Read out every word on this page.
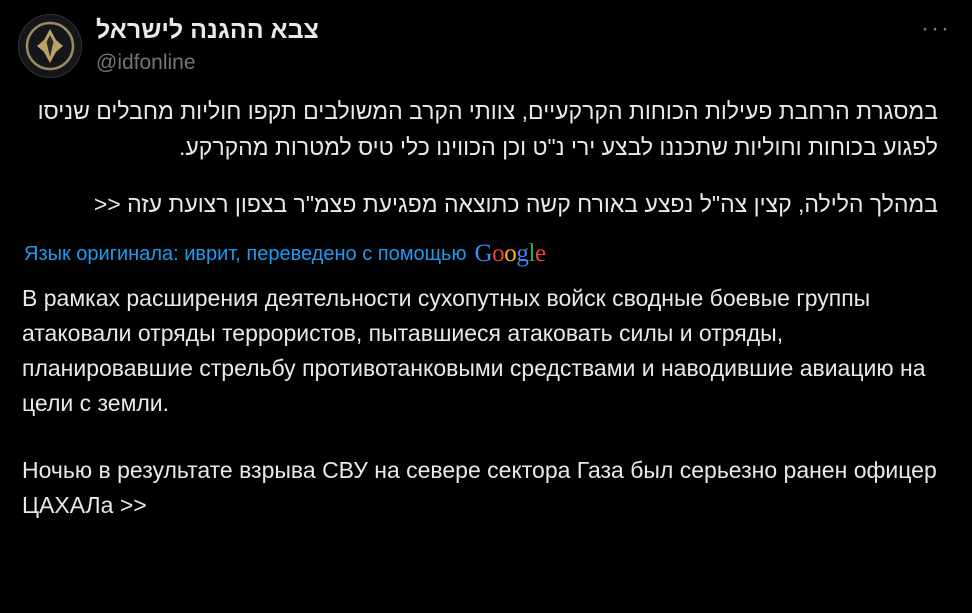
צבא ההגנה לישראל
@idfonline
···
במסגרת הרחבת פעילות הכוחות הקרקעיים, צוותי הקרב המשולבים תקפו חוליות מחבלים שניסו לפגוע בכוחות וחוליות שתכננו לבצע ירי נ"ט וכן הכווינו כלי טיס למטרות מהקרקע.
במהלך הלילה, קצין צה"ל נפצע באורח קשה כתוצאה מפגיעת פצמ"ר בצפון רצועת עזה <<
Язык оригинала: иврит, переведено с помощью G o o g l e
В рамках расширения деятельности сухопутных войск сводные боевые группы атаковали отряды террористов, пытавшиеся атаковать силы и отряды, планировавшие стрельбу противотанковыми средствами и наводившие авиацию на цели с земли.
Ночью в результате взрыва СВУ на севере сектора Газа был серьезно ранен офицер ЦАХАЛа >>
